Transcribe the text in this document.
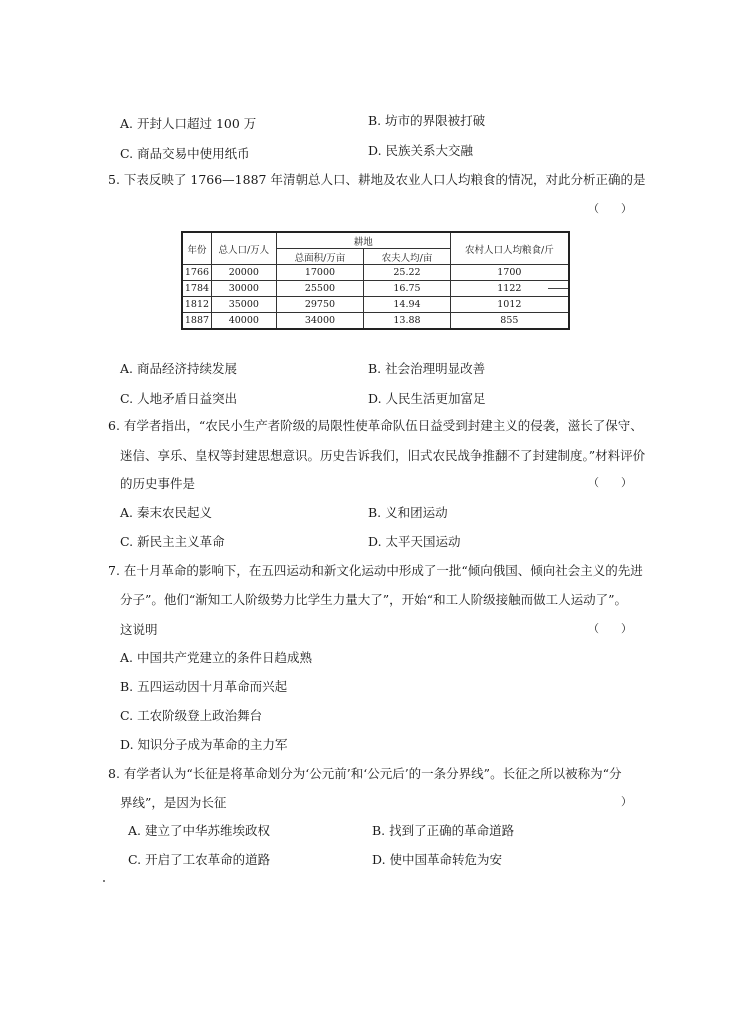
A. 开封人口超过 100 万	B. 坊市的界限被打破
C. 商品交易中使用纸币	D. 民族关系大交融
5. 下表反映了 1766—1887 年清朝总人口、耕地及农业人口人均粮食的情况，对此分析正确的是
（　　）
年份	总人口/万人	耕地		农村人口人均粮食/斤
		总面积/万亩	农夫人均/亩	
1766	20000	17000	25.22	1700
1784	30000	25500	16.75	1122
1812	35000	29750	14.94	1012
1887	40000	34000	13.88	855
A. 商品经济持续发展	B. 社会治理明显改善
C. 人地矛盾日益突出	D. 人民生活更加富足
6. 有学者指出，“农民小生产者阶级的局限性使革命队伍日益受到封建主义的侵袭，滋长了保守、
迷信、享乐、皇权等封建思想意识。历史告诉我们，旧式农民战争推翻不了封建制度。”材料评价
的历史事件是	（　　）
A. 秦末农民起义	B. 义和团运动
C. 新民主主义革命	D. 太平天国运动
7. 在十月革命的影响下，在五四运动和新文化运动中形成了一批“倾向俄国、倾向社会主义的先进
分子”。他们“渐知工人阶级势力比学生力量大了”，开始“和工人阶级接触而做工人运动了”。
这说明	（　　）
A. 中国共产党建立的条件日趋成熟
B. 五四运动因十月革命而兴起
C. 工农阶级登上政治舞台
D. 知识分子成为革命的主力军
8. 有学者认为“长征是将革命划分为‘公元前’和‘公元后’的一条分界线”。长征之所以被称为“分
界线”，是因为长征	）
A. 建立了中华苏维埃政权	B. 找到了正确的革命道路
C. 开启了工农革命的道路	D. 使中国革命转危为安
